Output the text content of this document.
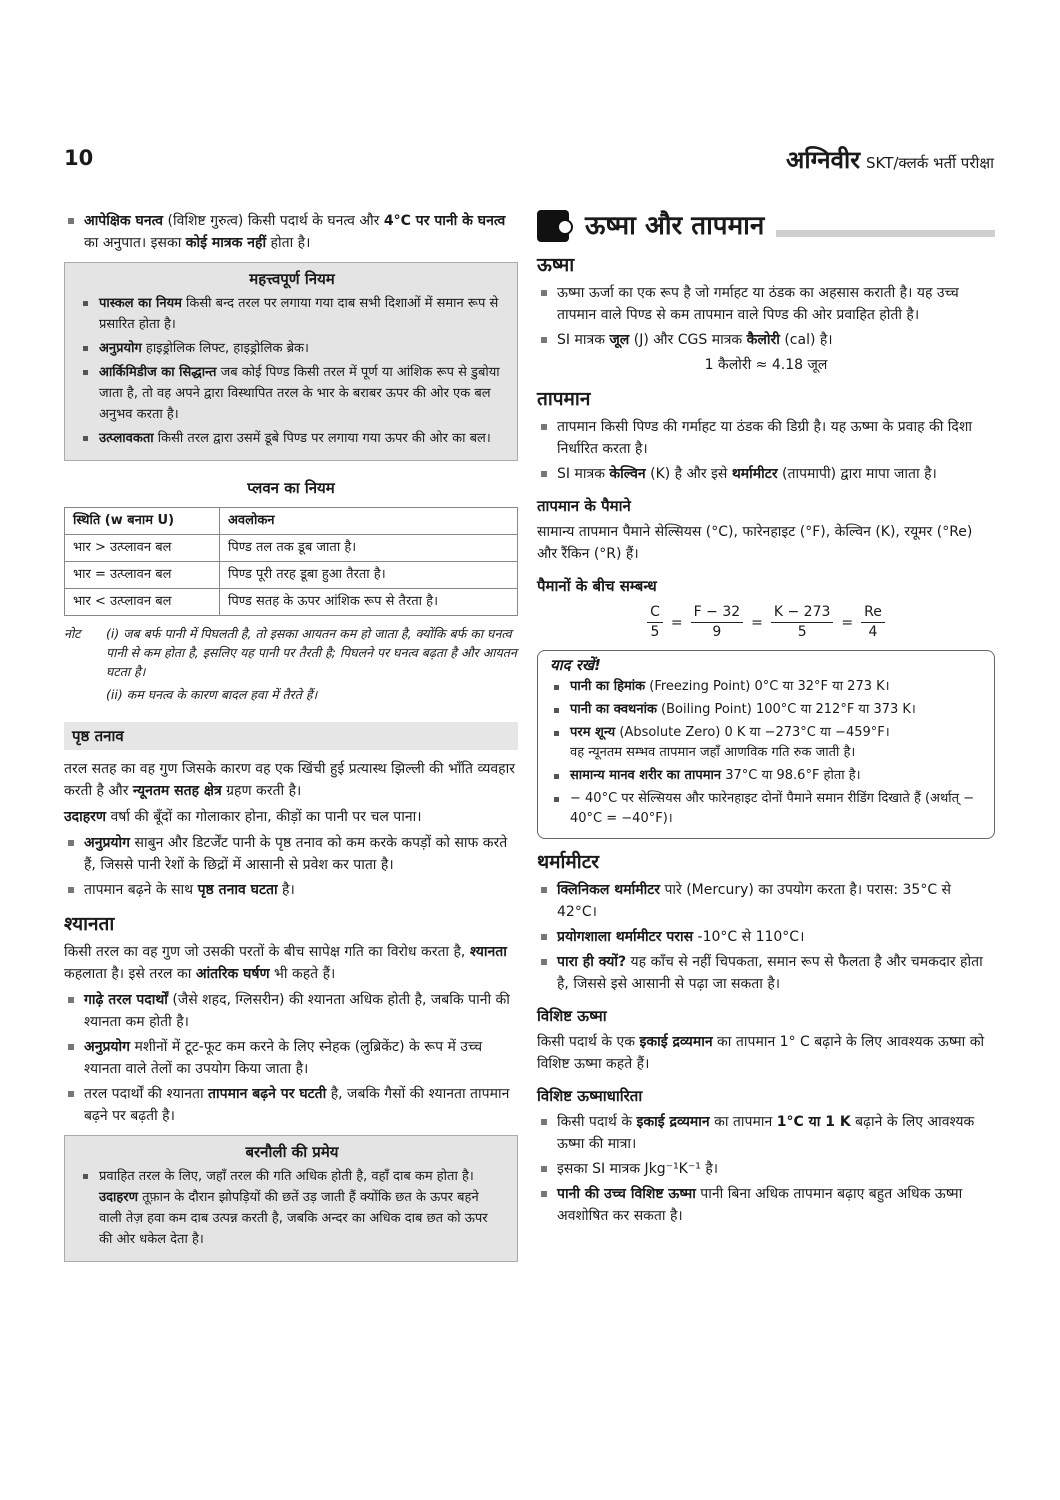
10	अग्निवीर SKT/क्लर्क भर्ती परीक्षा
आपेक्षिक घनत्व (विशिष्ट गुरुत्व) किसी पदार्थ के घनत्व और 4°C पर पानी के घनत्व का अनुपात। इसका कोई मात्रक नहीं होता है।
महत्त्वपूर्ण नियम
पास्कल का नियम किसी बन्द तरल पर लगाया गया दाब सभी दिशाओं में समान रूप से प्रसारित होता है।
अनुप्रयोग हाइड्रोलिक लिफ्ट, हाइड्रोलिक ब्रेक।
आर्किमिडीज का सिद्धान्त जब कोई पिण्ड किसी तरल में पूर्ण या आंशिक रूप से डुबोया जाता है, तो वह अपने द्वारा विस्थापित तरल के भार के बराबर ऊपर की ओर एक बल अनुभव करता है।
उत्प्लावकता किसी तरल द्वारा उसमें डूबे पिण्ड पर लगाया गया ऊपर की ओर का बल।
प्लवन का नियम
स्थिति (w बनाम U)	अवलोकन
भार > उत्प्लावन बल	पिण्ड तल तक डूब जाता है।
भार = उत्प्लावन बल	पिण्ड पूरी तरह डूबा हुआ तैरता है।
भार < उत्प्लावन बल	पिण्ड सतह के ऊपर आंशिक रूप से तैरता है।
नोट	(i) जब बर्फ पानी में पिघलती है, तो इसका आयतन कम हो जाता है, क्योंकि बर्फ का घनत्व पानी से कम होता है, इसलिए यह पानी पर तैरती है; पिघलने पर घनत्व बढ़ता है और आयतन घटता है।
(ii) कम घनत्व के कारण बादल हवा में तैरते हैं।
पृष्ठ तनाव

तरल सतह का वह गुण जिसके कारण वह एक खिंची हुई प्रत्यास्थ झिल्ली की भाँति व्यवहार करती है और न्यूनतम सतह क्षेत्र ग्रहण करती है।

उदाहरण वर्षा की बूँदों का गोलाकार होना, कीड़ों का पानी पर चल पाना।

अनुप्रयोग साबुन और डिटर्जेंट पानी के पृष्ठ तनाव को कम करके कपड़ों को साफ करते हैं, जिससे पानी रेशों के छिद्रों में आसानी से प्रवेश कर पाता है।
तापमान बढ़ने के साथ पृष्ठ तनाव घटता है।
श्यानता

किसी तरल का वह गुण जो उसकी परतों के बीच सापेक्ष गति का विरोध करता है, श्यानता कहलाता है। इसे तरल का आंतरिक घर्षण भी कहते हैं।

गाढ़े तरल पदार्थों (जैसे शहद, ग्लिसरीन) की श्यानता अधिक होती है, जबकि पानी की श्यानता कम होती है।
अनुप्रयोग मशीनों में टूट-फूट कम करने के लिए स्नेहक (लुब्रिकेंट) के रूप में उच्च श्यानता वाले तेलों का उपयोग किया जाता है।
तरल पदार्थों की श्यानता तापमान बढ़ने पर घटती है, जबकि गैसों की श्यानता तापमान बढ़ने पर बढ़ती है।
बरनौली की प्रमेय
प्रवाहित तरल के लिए, जहाँ तरल की गति अधिक होती है, वहाँ दाब कम होता है।
उदाहरण तूफ़ान के दौरान झोपड़ियों की छतें उड़ जाती हैं क्योंकि छत के ऊपर बहने वाली तेज़ हवा कम दाब उत्पन्न करती है, जबकि अन्दर का अधिक दाब छत को ऊपर की ओर धकेल देता है।
ऊष्मा और तापमान
ऊष्मा
ऊष्मा ऊर्जा का एक रूप है जो गर्माहट या ठंडक का अहसास कराती है। यह उच्च तापमान वाले पिण्ड से कम तापमान वाले पिण्ड की ओर प्रवाहित होती है।
SI मात्रक जूल (J) और CGS मात्रक कैलोरी (cal) है।
1 कैलोरी ≈ 4.18 जूल
तापमान
तापमान किसी पिण्ड की गर्माहट या ठंडक की डिग्री है। यह ऊष्मा के प्रवाह की दिशा निर्धारित करता है।
SI मात्रक केल्विन (K) है और इसे थर्मामीटर (तापमापी) द्वारा मापा जाता है।
तापमान के पैमाने

सामान्य तापमान पैमाने सेल्सियस (°C), फारेनहाइट (°F), केल्विन (K), रयूमर (°Re) और रैंकिन (°R) हैं।

पैमानों के बीच सम्बन्ध
$\frac{C}{5} = \frac{F - 32}{9} = \frac{K - 273}{5} = \frac{Re}{4}$
याद रखें!
पानी का हिमांक (Freezing Point) 0°C या 32°F या 273 K।
पानी का क्वथनांक (Boiling Point) 100°C या 212°F या 373 K।
परम शून्य (Absolute Zero) 0 K या −273°C या −459°F।
वह न्यूनतम सम्भव तापमान जहाँ आणविक गति रुक जाती है।
सामान्य मानव शरीर का तापमान 37°C या 98.6°F होता है।
− 40°C पर सेल्सियस और फारेनहाइट दोनों पैमाने समान रीडिंग दिखाते हैं (अर्थात् − 40°C = −40°F)।
थर्मामीटर
क्लिनिकल थर्मामीटर पारे (Mercury) का उपयोग करता है। परास: 35°C से 42°C।
प्रयोगशाला थर्मामीटर परास -10°C से 110°C।
पारा ही क्यों? यह काँच से नहीं चिपकता, समान रूप से फैलता है और चमकदार होता है, जिससे इसे आसानी से पढ़ा जा सकता है।
विशिष्ट ऊष्मा

किसी पदार्थ के एक इकाई द्रव्यमान का तापमान 1° C बढ़ाने के लिए आवश्यक ऊष्मा को विशिष्ट ऊष्मा कहते हैं।

विशिष्ट ऊष्माधारिता
किसी पदार्थ के इकाई द्रव्यमान का तापमान 1°C या 1 K बढ़ाने के लिए आवश्यक ऊष्मा की मात्रा।
इसका SI मात्रक Jkg⁻¹K⁻¹ है।
पानी की उच्च विशिष्ट ऊष्मा पानी बिना अधिक तापमान बढ़ाए बहुत अधिक ऊष्मा अवशोषित कर सकता है।
